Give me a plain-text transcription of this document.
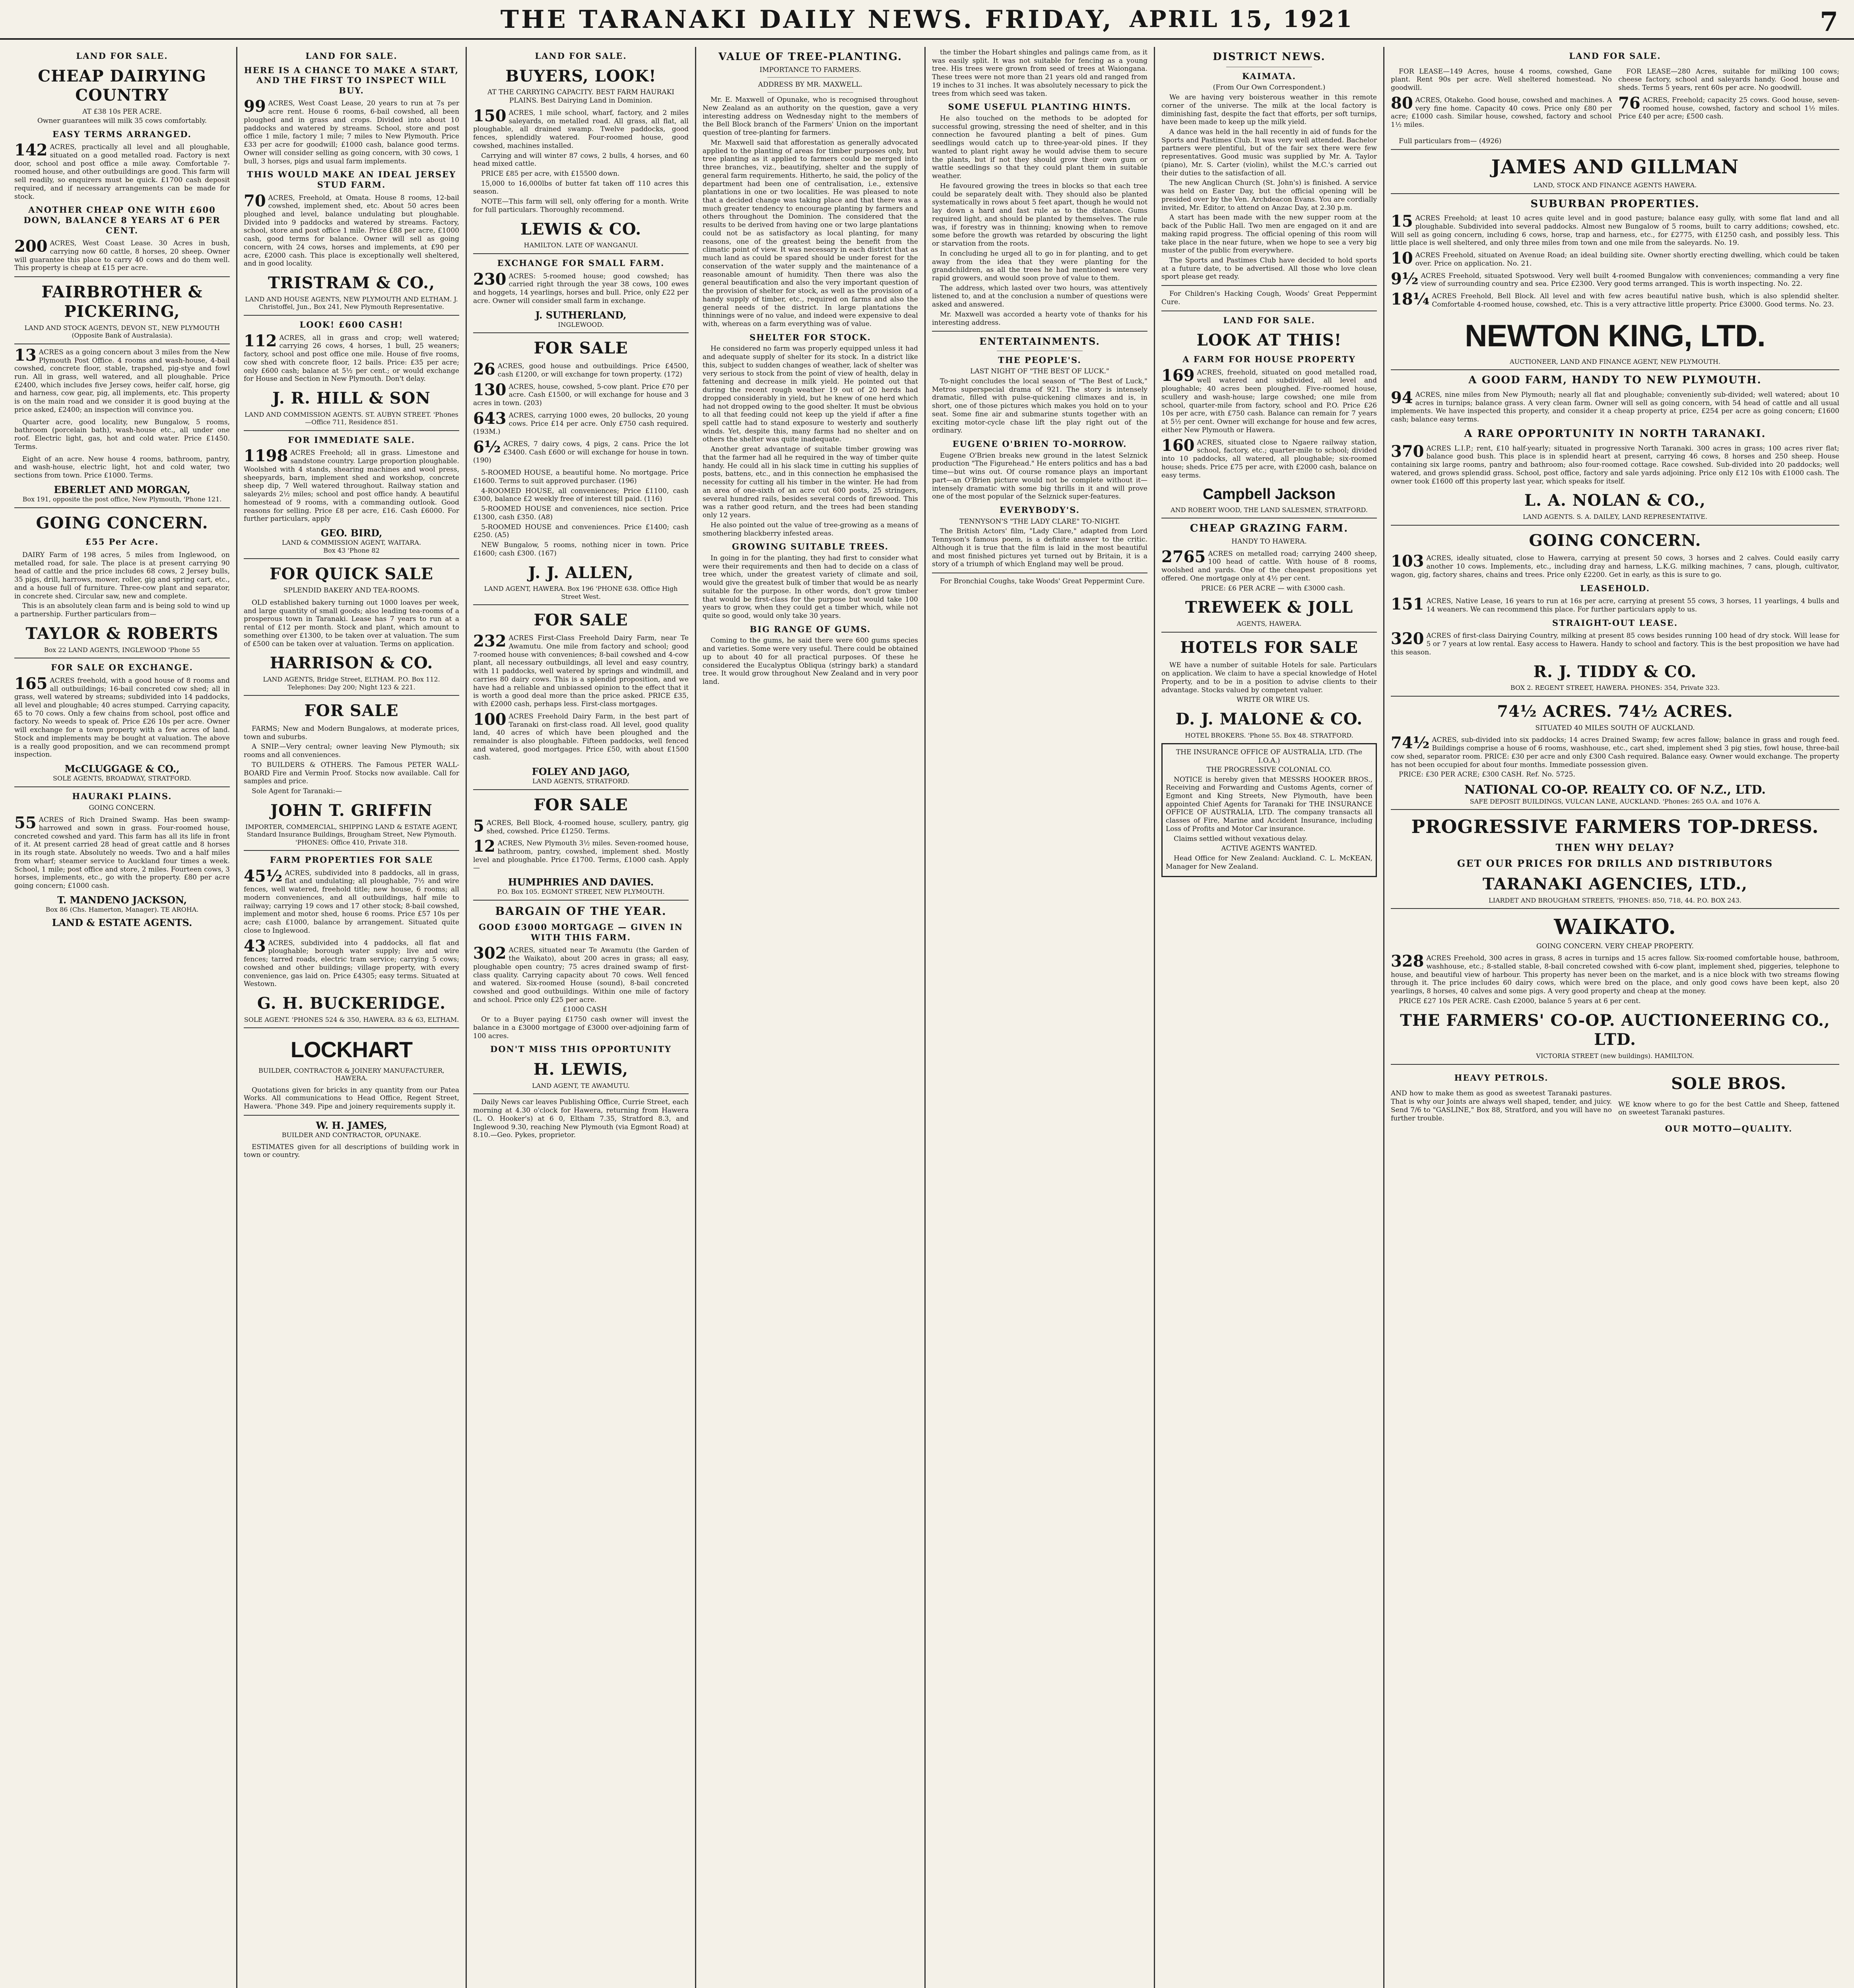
THE TARANAKI DAILY NEWS. FRIDAY, APRIL 15, 1921	7
LAND FOR SALE.
CHEAP DAIRYING COUNTRY
AT £38 10s PER ACRE.
Owner guarantees will milk 35 cows comfortably.
EASY TERMS ARRANGED.
142 ACRES, practically all level and all ploughable, situated on a good metalled road. Factory is next door, school and post office a mile away. Comfortable 7-roomed house, and other outbuildings are good. This farm will sell readily, so enquirers must be quick. £1700 cash deposit required, and if necessary arrangements can be made for stock.
ANOTHER CHEAP ONE WITH £600 DOWN, BALANCE 8 YEARS AT 6 PER CENT.
200 ACRES, West Coast Lease. 30 Acres in bush, carrying now 60 cattle, 8 horses, 20 sheep. Owner will guarantee this place to carry 40 cows and do them well. This property is cheap at £15 per acre.
FAIRBROTHER & PICKERING,
LAND AND STOCK AGENTS, DEVON ST., NEW PLYMOUTH (Opposite Bank of Australasia).
13 ACRES as a going concern about 3 miles from the New Plymouth Post Office. 4 rooms and wash-house, 4-bail cowshed, concrete floor, stable, trapshed, pig-stye and fowl run. All in grass, well watered, and all ploughable. Price £2400, which includes five Jersey cows, heifer calf, horse, gig and harness, cow gear, pig, all implements, etc. This property is on the main road and we consider it is good buying at the price asked, £2400; an inspection will convince you.

Quarter acre, good locality, new Bungalow, 5 rooms, bathroom (porcelain bath), wash-house etc., all under one roof. Electric light, gas, hot and cold water. Price £1450. Terms.

Eight of an acre. New house 4 rooms, bathroom, pantry, and wash-house, electric light, hot and cold water, two sections from town. Price £1000. Terms.

EBERLET AND MORGAN,
Box 191, opposite the post office, New Plymouth, 'Phone 121.
GOING CONCERN.
£55 Per Acre.

DAIRY Farm of 198 acres, 5 miles from Inglewood, on metalled road, for sale. The place is at present carrying 90 head of cattle and the price includes 68 cows, 2 Jersey bulls, 35 pigs, drill, harrows, mower, roller, gig and spring cart, etc., and a house full of furniture. Three-cow plant and separator, in concrete shed. Circular saw, new and complete.

This is an absolutely clean farm and is being sold to wind up a partnership. Further particulars from—

TAYLOR & ROBERTS
Box 22 LAND AGENTS, INGLEWOOD 'Phone 55
FOR SALE OR EXCHANGE.
165 ACRES freehold, with a good house of 8 rooms and all outbuildings; 16-bail concreted cow shed; all in grass, well watered by streams; subdivided into 14 paddocks, all level and ploughable; 40 acres stumped. Carrying capacity, 65 to 70 cows. Only a few chains from school, post office and factory. No weeds to speak of. Price £26 10s per acre. Owner will exchange for a town property with a few acres of land. Stock and implements may be bought at valuation. The above is a really good proposition, and we can recommend prompt inspection.
McCLUGGAGE & CO.,
SOLE AGENTS, BROADWAY, STRATFORD.
HAURAKI PLAINS.
GOING CONCERN.
55 ACRES of Rich Drained Swamp. Has been swamp-harrowed and sown in grass. Four-roomed house, concreted cowshed and yard. This farm has all its life in front of it. At present carried 28 head of great cattle and 8 horses in its rough state. Absolutely no weeds. Two and a half miles from wharf; steamer service to Auckland four times a week. School, 1 mile; post office and store, 2 miles. Fourteen cows, 3 horses, implements, etc., go with the property. £80 per acre going concern; £1000 cash.
T. MANDENO JACKSON,
Box 86 (Chs. Hamerton, Manager). TE AROHA.
LAND & ESTATE AGENTS.
LAND FOR SALE.
HERE IS A CHANCE TO MAKE A START, AND THE FIRST TO INSPECT WILL BUY.
99 ACRES, West Coast Lease, 20 years to run at 7s per acre rent. House 6 rooms, 6-bail cowshed, all been ploughed and in grass and crops. Divided into about 10 paddocks and watered by streams. School, store and post office 1 mile, factory 1 mile; 7 miles to New Plymouth. Price £33 per acre for goodwill; £1000 cash, balance good terms. Owner will consider selling as going concern, with 30 cows, 1 bull, 3 horses, pigs and usual farm implements.
THIS WOULD MAKE AN IDEAL JERSEY STUD FARM.
70 ACRES, Freehold, at Omata. House 8 rooms, 12-bail cowshed, implement shed, etc. About 50 acres been ploughed and level, balance undulating but ploughable. Divided into 9 paddocks and watered by streams. Factory, school, store and post office 1 mile. Price £88 per acre, £1000 cash, good terms for balance. Owner will sell as going concern, with 24 cows, horses and implements, at £90 per acre, £2000 cash. This place is exceptionally well sheltered, and in good locality.
TRISTRAM & CO.,
LAND AND HOUSE AGENTS, NEW PLYMOUTH AND ELTHAM. J. Christoffel, Jun., Box 241, New Plymouth Representative.
LOOK! £600 CASH!
112 ACRES, all in grass and crop; well watered; carrying 26 cows, 4 horses, 1 bull, 25 weaners; factory, school and post office one mile. House of five rooms, cow shed with concrete floor, 12 bails. Price: £35 per acre; only £600 cash; balance at 5½ per cent.; or would exchange for House and Section in New Plymouth. Don't delay.
J. R. HILL & SON
LAND AND COMMISSION AGENTS. ST. AUBYN STREET. 'Phones—Office 711, Residence 851.
FOR IMMEDIATE SALE.
1198 ACRES Freehold; all in grass. Limestone and sandstone country. Large proportion ploughable. Woolshed with 4 stands, shearing machines and wool press, sheepyards, barn, implement shed and workshop, concrete sheep dip, 7 Well watered throughout. Railway station and saleyards 2½ miles; school and post office handy. A beautiful homestead of 9 rooms, with a commanding outlook. Good reasons for selling. Price £8 per acre, £16. Cash £6000. For further particulars, apply
GEO. BIRD,
LAND & COMMISSION AGENT, WAITARA.
Box 43 'Phone 82
FOR QUICK SALE
SPLENDID BAKERY AND TEA-ROOMS.

OLD established bakery turning out 1000 loaves per week, and large quantity of small goods; also leading tea-rooms of a prosperous town in Taranaki. Lease has 7 years to run at a rental of £12 per month. Stock and plant, which amount to something over £1300, to be taken over at valuation. The sum of £500 can be taken over at valuation. Terms on application.

HARRISON & CO.
LAND AGENTS, Bridge Street, ELTHAM. P.O. Box 112. Telephones: Day 200; Night 123 & 221.
FOR SALE

FARMS; New and Modern Bungalows, at moderate prices, town and suburbs.

A SNIP.—Very central; owner leaving New Plymouth; six rooms and all conveniences.

TO BUILDERS & OTHERS. The Famous PETER WALL-BOARD Fire and Vermin Proof. Stocks now available. Call for samples and price.

Sole Agent for Taranaki:—

JOHN T. GRIFFIN
IMPORTER, COMMERCIAL, SHIPPING LAND & ESTATE AGENT, Standard Insurance Buildings, Brougham Street, New Plymouth. 'PHONES: Office 410, Private 318.
FARM PROPERTIES FOR SALE
45½ ACRES, subdivided into 8 paddocks, all in grass, flat and undulating; all ploughable, 7½ and wire fences, well watered, freehold title; new house, 6 rooms; all modern conveniences, and all outbuildings, half mile to railway; carrying 19 cows and 17 other stock; 8-bail cowshed, implement and motor shed, house 6 rooms. Price £57 10s per acre; cash £1000, balance by arrangement. Situated quite close to Inglewood.
43 ACRES, subdivided into 4 paddocks, all flat and ploughable; borough water supply; live and wire fences; tarred roads, electric tram service; carrying 5 cows; cowshed and other buildings; village property, with every convenience, gas laid on. Price £4305; easy terms. Situated at Westown.
G. H. BUCKERIDGE.
SOLE AGENT. 'PHONES 524 & 350, HAWERA. 83 & 63, ELTHAM.
LOCKHART
BUILDER, CONTRACTOR & JOINERY MANUFACTURER, HAWERA.

Quotations given for bricks in any quantity from our Patea Works. All communications to Head Office, Regent Street, Hawera. 'Phone 349. Pipe and joinery requirements supply it.

W. H. JAMES,
BUILDER AND CONTRACTOR, OPUNAKE.

ESTIMATES given for all descriptions of building work in town or country.

LAND FOR SALE.
BUYERS, LOOK!
AT THE CARRYING CAPACITY. BEST FARM HAURAKI PLAINS. Best Dairying Land in Dominion.
150 ACRES, 1 mile school, wharf, factory, and 2 miles saleyards, on metalled road. All grass, all flat, all ploughable, all drained swamp. Twelve paddocks, good fences, splendidly watered. Four-roomed house, good cowshed, machines installed.

Carrying and will winter 87 cows, 2 bulls, 4 horses, and 60 head mixed cattle.

PRICE £85 per acre, with £15500 down.

15,000 to 16,000lbs of butter fat taken off 110 acres this season.

NOTE—This farm will sell, only offering for a month. Write for full particulars. Thoroughly recommend.

LEWIS & CO.
HAMILTON. LATE OF WANGANUI.
EXCHANGE FOR SMALL FARM.
230 ACRES: 5-roomed house; good cowshed; has carried right through the year 38 cows, 100 ewes and hoggets, 14 yearlings, horses and bull. Price, only £22 per acre. Owner will consider small farm in exchange.
J. SUTHERLAND,
INGLEWOOD.
FOR SALE
26 ACRES, good house and outbuildings. Price £4500, cash £1200, or will exchange for town property. (172)
130 ACRES, house, cowshed, 5-cow plant. Price £70 per acre. Cash £1500, or will exchange for house and 3 acres in town. (203)
643 ACRES, carrying 1000 ewes, 20 bullocks, 20 young cows. Price £14 per acre. Only £750 cash required. (193M.)
6½ ACRES, 7 dairy cows, 4 pigs, 2 cans. Price the lot £3400. Cash £600 or will exchange for house in town. (190)

5-ROOMED HOUSE, a beautiful home. No mortgage. Price £1600. Terms to suit approved purchaser. (196)

4-ROOMED HOUSE, all conveniences; Price £1100, cash £300, balance £2 weekly free of interest till paid. (116)

5-ROOMED HOUSE and conveniences, nice section. Price £1300, cash £350. (A8)

5-ROOMED HOUSE and conveniences. Price £1400; cash £250. (A5)

NEW Bungalow, 5 rooms, nothing nicer in town. Price £1600; cash £300. (167)

J. J. ALLEN,
LAND AGENT, HAWERA. Box 196 'PHONE 638. Office High Street West.
FOR SALE
232 ACRES First-Class Freehold Dairy Farm, near Te Awamutu. One mile from factory and school; good 7-roomed house with conveniences; 8-bail cowshed and 4-cow plant, all necessary outbuildings, all level and easy country, with 11 paddocks, well watered by springs and windmill, and carries 80 dairy cows. This is a splendid proposition, and we have had a reliable and unbiassed opinion to the effect that it is worth a good deal more than the price asked. PRICE £35, with £2000 cash, perhaps less. First-class mortgages.
100 ACRES Freehold Dairy Farm, in the best part of Taranaki on first-class road. All level, good quality land, 40 acres of which have been ploughed and the remainder is also ploughable. Fifteen paddocks, well fenced and watered, good mortgages. Price £50, with about £1500 cash.
FOLEY AND JAGO,
LAND AGENTS, STRATFORD.
FOR SALE
5 ACRES, Bell Block, 4-roomed house, scullery, pantry, gig shed, cowshed. Price £1250. Terms.
12 ACRES, New Plymouth 3½ miles. Seven-roomed house, bathroom, pantry, cowshed, implement shed. Mostly level and ploughable. Price £1700. Terms, £1000 cash. Apply—
HUMPHRIES AND DAVIES.
P.O. Box 105. EGMONT STREET, NEW PLYMOUTH.
BARGAIN OF THE YEAR.
GOOD £3000 MORTGAGE — GIVEN IN WITH THIS FARM.
302 ACRES, situated near Te Awamutu (the Garden of the Waikato), about 200 acres in grass; all easy, ploughable open country; 75 acres drained swamp of first-class quality. Carrying capacity about 70 cows. Well fenced and watered. Six-roomed House (sound), 8-bail concreted cowshed and good outbuildings. Within one mile of factory and school. Price only £25 per acre.

£1000 CASH

Or to a Buyer paying £1750 cash owner will invest the balance in a £3000 mortgage of £3000 over-adjoining farm of 100 acres.

DON'T MISS THIS OPPORTUNITY
H. LEWIS,
LAND AGENT, TE AWAMUTU.

Daily News car leaves Publishing Office, Currie Street, each morning at 4.30 o'clock for Hawera, returning from Hawera (L. O. Hooker's) at 6 0, Eltham 7.35, Stratford 8.3, and Inglewood 9.30, reaching New Plymouth (via Egmont Road) at 8.10.—Geo. Pykes, proprietor.

VALUE OF TREE-PLANTING.
IMPORTANCE TO FARMERS.
ADDRESS BY MR. MAXWELL.

Mr. E. Maxwell of Opunake, who is recognised throughout New Zealand as an authority on the question, gave a very interesting address on Wednesday night to the members of the Bell Block branch of the Farmers' Union on the important question of tree-planting for farmers.

Mr. Maxwell said that afforestation as generally advocated applied to the planting of areas for timber purposes only, but tree planting as it applied to farmers could be merged into three branches, viz., beautifying, shelter and the supply of general farm requirements. Hitherto, he said, the policy of the department had been one of centralisation, i.e., extensive plantations in one or two localities. He was pleased to note that a decided change was taking place and that there was a much greater tendency to encourage planting by farmers and others throughout the Dominion. The considered that the results to be derived from having one or two large plantations could not be as satisfactory as local planting, for many reasons, one of the greatest being the benefit from the climatic point of view. It was necessary in each district that as much land as could be spared should be under forest for the conservation of the water supply and the maintenance of a reasonable amount of humidity. Then there was also the general beautification and also the very important question of the provision of shelter for stock, as well as the provision of a handy supply of timber, etc., required on farms and also the general needs of the district. In large plantations the thinnings were of no value, and indeed were expensive to deal with, whereas on a farm everything was of value.

SHELTER FOR STOCK.

He considered no farm was properly equipped unless it had and adequate supply of shelter for its stock. In a district like this, subject to sudden changes of weather, lack of shelter was very serious to stock from the point of view of health, delay in fattening and decrease in milk yield. He pointed out that during the recent rough weather 19 out of 20 herds had dropped considerably in yield, but he knew of one herd which had not dropped owing to the good shelter. It must be obvious to all that feeding could not keep up the yield if after a fine spell cattle had to stand exposure to westerly and southerly winds. Yet, despite this, many farms had no shelter and on others the shelter was quite inadequate.

Another great advantage of suitable timber growing was that the farmer had all he required in the way of timber quite handy. He could all in his slack time in cutting his supplies of posts, battens, etc., and in this connection he emphasised the necessity for cutting all his timber in the winter. He had from an area of one-sixth of an acre cut 600 posts, 25 stringers, several hundred rails, besides several cords of firewood. This was a rather good return, and the trees had been standing only 12 years.

He also pointed out the value of tree-growing as a means of smothering blackberry infested areas.

GROWING SUITABLE TREES.

In going in for the planting, they had first to consider what were their requirements and then had to decide on a class of tree which, under the greatest variety of climate and soil, would give the greatest bulk of timber that would be as nearly suitable for the purpose. In other words, don't grow timber that would be first-class for the purpose but would take 100 years to grow, when they could get a timber which, while not quite so good, would only take 30 years.

BIG RANGE OF GUMS.

Coming to the gums, he said there were 600 gums species and varieties. Some were very useful. There could be obtained up to about 40 for all practical purposes. Of these he considered the Eucalyptus Obliqua (stringy bark) a standard tree. It would grow throughout New Zealand and in very poor land.

the timber the Hobart shingles and palings came from, as it was easily split. It was not suitable for fencing as a young tree. His trees were grown from seed of trees at Waiongana. These trees were not more than 21 years old and ranged from 19 inches to 31 inches. It was absolutely necessary to pick the trees from which seed was taken.

SOME USEFUL PLANTING HINTS.

He also touched on the methods to be adopted for successful growing, stressing the need of shelter, and in this connection he favoured planting a belt of pines. Gum seedlings would catch up to three-year-old pines. If they wanted to plant right away he would advise them to secure the plants, but if not they should grow their own gum or wattle seedlings so that they could plant them in suitable weather.

He favoured growing the trees in blocks so that each tree could be separately dealt with. They should also be planted systematically in rows about 5 feet apart, though he would not lay down a hard and fast rule as to the distance. Gums required light, and should be planted by themselves. The rule was, if forestry was in thinning; knowing when to remove some before the growth was retarded by obscuring the light or starvation from the roots.

In concluding he urged all to go in for planting, and to get away from the idea that they were planting for the grandchildren, as all the trees he had mentioned were very rapid growers, and would soon prove of value to them.

The address, which lasted over two hours, was attentively listened to, and at the conclusion a number of questions were asked and answered.

Mr. Maxwell was accorded a hearty vote of thanks for his interesting address.

ENTERTAINMENTS.
THE PEOPLE'S.
LAST NIGHT OF "THE BEST OF LUCK."

To-night concludes the local season of "The Best of Luck," Metros superspecial drama of 921. The story is intensely dramatic, filled with pulse-quickening climaxes and is, in short, one of those pictures which makes you hold on to your seat. Some fine air and submarine stunts together with an exciting motor-cycle chase lift the play right out of the ordinary.

EUGENE O'BRIEN TO-MORROW.

Eugene O'Brien breaks new ground in the latest Selznick production "The Figurehead." He enters politics and has a bad time—but wins out. Of course romance plays an important part—an O'Brien picture would not be complete without it—intensely dramatic with some big thrills in it and will prove one of the most popular of the Selznick super-features.

EVERYBODY'S.
TENNYSON'S "THE LADY CLARE" TO-NIGHT.

The British Actors' film, "Lady Clare," adapted from Lord Tennyson's famous poem, is a definite answer to the critic. Although it is true that the film is laid in the most beautiful and most finished pictures yet turned out by Britain, it is a story of a triumph of which England may well be proud.

For Bronchial Coughs, take Woods' Great Peppermint Cure.

DISTRICT NEWS.
KAIMATA.
(From Our Own Correspondent.)

We are having very boisterous weather in this remote corner of the universe. The milk at the local factory is diminishing fast, despite the fact that efforts, per soft turnips, have been made to keep up the milk yield.

A dance was held in the hall recently in aid of funds for the Sports and Pastimes Club. It was very well attended. Bachelor partners were plentiful, but of the fair sex there were few representatives. Good music was supplied by Mr. A. Taylor (piano), Mr. S. Carter (violin), whilst the M.C.'s carried out their duties to the satisfaction of all.

The new Anglican Church (St. John's) is finished. A service was held on Easter Day, but the official opening will be presided over by the Ven. Archdeacon Evans. You are cordially invited, Mr. Editor, to attend on Anzac Day, at 2.30 p.m.

A start has been made with the new supper room at the back of the Public Hall. Two men are engaged on it and are making rapid progress. The official opening of this room will take place in the near future, when we hope to see a very big muster of the public from everywhere.

The Sports and Pastimes Club have decided to hold sports at a future date, to be advertised. All those who love clean sport please get ready.

For Children's Hacking Cough, Woods' Great Peppermint Cure.

LAND FOR SALE.
LOOK AT THIS!
A FARM FOR HOUSE PROPERTY
169 ACRES, freehold, situated on good metalled road, well watered and subdivided, all level and ploughable; 40 acres been ploughed. Five-roomed house, scullery and wash-house; large cowshed; one mile from school, quarter-mile from factory, school and P.O. Price £26 10s per acre, with £750 cash. Balance can remain for 7 years at 5½ per cent. Owner will exchange for house and few acres, either New Plymouth or Hawera.
160 ACRES, situated close to Ngaere railway station, school, factory, etc.; quarter-mile to school; divided into 10 paddocks, all watered, all ploughable; six-roomed house; sheds. Price £75 per acre, with £2000 cash, balance on easy terms.
Campbell Jackson
AND ROBERT WOOD, THE LAND SALESMEN, STRATFORD.
CHEAP GRAZING FARM.
HANDY TO HAWERA.
2765 ACRES on metalled road; carrying 2400 sheep, 100 head of cattle. With house of 8 rooms, woolshed and yards. One of the cheapest propositions yet offered. One mortgage only at 4½ per cent.

PRICE: £6 PER ACRE — with £3000 cash.

TREWEEK & JOLL
AGENTS, HAWERA.
HOTELS FOR SALE

WE have a number of suitable Hotels for sale. Particulars on application. We claim to have a special knowledge of Hotel Property, and to be in a position to advise clients to their advantage. Stocks valued by competent valuer.

WRITE OR WIRE US.

D. J. MALONE & CO.
HOTEL BROKERS. 'Phone 55. Box 48. STRATFORD.
THE INSURANCE OFFICE OF AUSTRALIA, LTD. (The I.O.A.)
THE PROGRESSIVE COLONIAL CO.

NOTICE is hereby given that MESSRS HOOKER BROS., Receiving and Forwarding and Customs Agents, corner of Egmont and King Streets, New Plymouth, have been appointed Chief Agents for Taranaki for THE INSURANCE OFFICE OF AUSTRALIA, LTD. The company transacts all classes of Fire, Marine and Accident Insurance, including Loss of Profits and Motor Car insurance.

Claims settled without vexatious delay.

ACTIVE AGENTS WANTED.

Head Office for New Zealand: Auckland. C. L. McKEAN, Manager for New Zealand.

LAND FOR SALE.

FOR LEASE—149 Acres, house 4 rooms, cowshed, Gane plant. Rent 90s per acre. Well sheltered homestead. No goodwill.

80 ACRES, Otakeho. Good house, cowshed and machines. A very fine home. Capacity 40 cows. Price only £80 per acre; £1000 cash. Similar house, cowshed, factory and school 1½ miles.

FOR LEASE—280 Acres, suitable for milking 100 cows; cheese factory, school and saleyards handy. Good house and sheds. Terms 5 years, rent 60s per acre. No goodwill.

76 ACRES, Freehold; capacity 25 cows. Good house, seven-roomed house, cowshed, factory and school 1½ miles. Price £40 per acre; £500 cash.

Full particulars from— (4926)

JAMES AND GILLMAN
LAND, STOCK AND FINANCE AGENTS HAWERA.
SUBURBAN PROPERTIES.
15 ACRES Freehold; at least 10 acres quite level and in good pasture; balance easy gully, with some flat land and all ploughable. Subdivided into several paddocks. Almost new Bungalow of 5 rooms, built to carry additions; cowshed, etc. Will sell as going concern, including 6 cows, horse, trap and harness, etc., for £2775, with £1250 cash, and possibly less. This little place is well sheltered, and only three miles from town and one mile from the saleyards. No. 19.
10 ACRES Freehold, situated on Avenue Road; an ideal building site. Owner shortly erecting dwelling, which could be taken over. Price on application. No. 21.
9½ ACRES Freehold, situated Spotswood. Very well built 4-roomed Bungalow with conveniences; commanding a very fine view of surrounding country and sea. Price £2300. Very good terms arranged. This is worth inspecting. No. 22.
18¼ ACRES Freehold, Bell Block. All level and with few acres beautiful native bush, which is also splendid shelter. Comfortable 4-roomed house, cowshed, etc. This is a very attractive little property. Price £3000. Good terms. No. 23.
NEWTON KING, LTD.
AUCTIONEER, LAND AND FINANCE AGENT, NEW PLYMOUTH.
A GOOD FARM, HANDY TO NEW PLYMOUTH.
94 ACRES, nine miles from New Plymouth; nearly all flat and ploughable; conveniently sub-divided; well watered; about 10 acres in turnips; balance grass. A very clean farm. Owner will sell as going concern, with 54 head of cattle and all usual implements. We have inspected this property, and consider it a cheap property at price, £254 per acre as going concern; £1600 cash; balance easy terms.
A RARE OPPORTUNITY IN NORTH TARANAKI.
370 ACRES L.I.P.; rent, £10 half-yearly; situated in progressive North Taranaki. 300 acres in grass; 100 acres river flat; balance good bush. This place is in splendid heart at present, carrying 46 cows, 8 horses and 250 sheep. House containing six large rooms, pantry and bathroom; also four-roomed cottage. Race cowshed. Sub-divided into 20 paddocks; well watered, and grows splendid grass. School, post office, factory and sale yards adjoining. Price only £12 10s with £1000 cash. The owner took £1600 off this property last year, which speaks for itself.
L. A. NOLAN & CO.,
LAND AGENTS. S. A. DAILEY, LAND REPRESENTATIVE.
GOING CONCERN.
103 ACRES, ideally situated, close to Hawera, carrying at present 50 cows, 3 horses and 2 calves. Could easily carry another 10 cows. Implements, etc., including dray and harness, L.K.G. milking machines, 7 cans, plough, cultivator, wagon, gig, factory shares, chains and trees. Price only £2200. Get in early, as this is sure to go.
LEASEHOLD.
151 ACRES, Native Lease, 16 years to run at 16s per acre, carrying at present 55 cows, 3 horses, 11 yearlings, 4 bulls and 14 weaners. We can recommend this place. For further particulars apply to us.
STRAIGHT-OUT LEASE.
320 ACRES of first-class Dairying Country, milking at present 85 cows besides running 100 head of dry stock. Will lease for 5 or 7 years at low rental. Easy access to Hawera. Handy to school and factory. This is the best proposition we have had this season.
R. J. TIDDY & CO.
BOX 2. REGENT STREET, HAWERA. PHONES: 354, Private 323.
74½ ACRES. 74½ ACRES.
SITUATED 40 MILES SOUTH OF AUCKLAND.
74½ ACRES, sub-divided into six paddocks; 14 acres Drained Swamp; few acres fallow; balance in grass and rough feed. Buildings comprise a house of 6 rooms, washhouse, etc., cart shed, implement shed 3 pig sties, fowl house, three-bail cow shed, separator room. PRICE: £30 per acre and only £300 Cash required. Balance easy. Owner would exchange. The property has not been occupied for about four months. Immediate possession given.

PRICE: £30 PER ACRE; £300 CASH. Ref. No. 5725.

NATIONAL CO-OP. REALTY CO. OF N.Z., LTD.
SAFE DEPOSIT BUILDINGS, VULCAN LANE, AUCKLAND. 'Phones: 265 O.A. and 1076 A.
PROGRESSIVE FARMERS TOP-DRESS.
THEN WHY DELAY?
GET OUR PRICES FOR DRILLS AND DISTRIBUTORS
TARANAKI AGENCIES, LTD.,
LIARDET AND BROUGHAM STREETS, 'PHONES: 850, 718, 44. P.O. BOX 243.
WAIKATO.
GOING CONCERN. VERY CHEAP PROPERTY.
328 ACRES Freehold, 300 acres in grass, 8 acres in turnips and 15 acres fallow. Six-roomed comfortable house, bathroom, washhouse, etc.; 8-stalled stable, 8-bail concreted cowshed with 6-cow plant, implement shed, piggeries, telephone to house, and beautiful view of harbour. This property has never been on the market, and is a nice block with two streams flowing through it. The price includes 60 dairy cows, which were bred on the place, and only good cows have been kept, also 20 yearlings, 8 horses, 40 calves and some pigs. A very good property and cheap at the money.

PRICE £27 10s PER ACRE. Cash £2000, balance 5 years at 6 per cent.

THE FARMERS' CO-OP. AUCTIONEERING CO., LTD.
VICTORIA STREET (new buildings). HAMILTON.
HEAVY PETROLS.

AND how to make them as good as sweetest Taranaki pastures. That is why our Joints are always well shaped, tender, and juicy. Send 7/6 to "GASLINE," Box 88, Stratford, and you will have no further trouble.

SOLE BROS.

WE know where to go for the best Cattle and Sheep, fattened on sweetest Taranaki pastures.

OUR MOTTO—QUALITY.
